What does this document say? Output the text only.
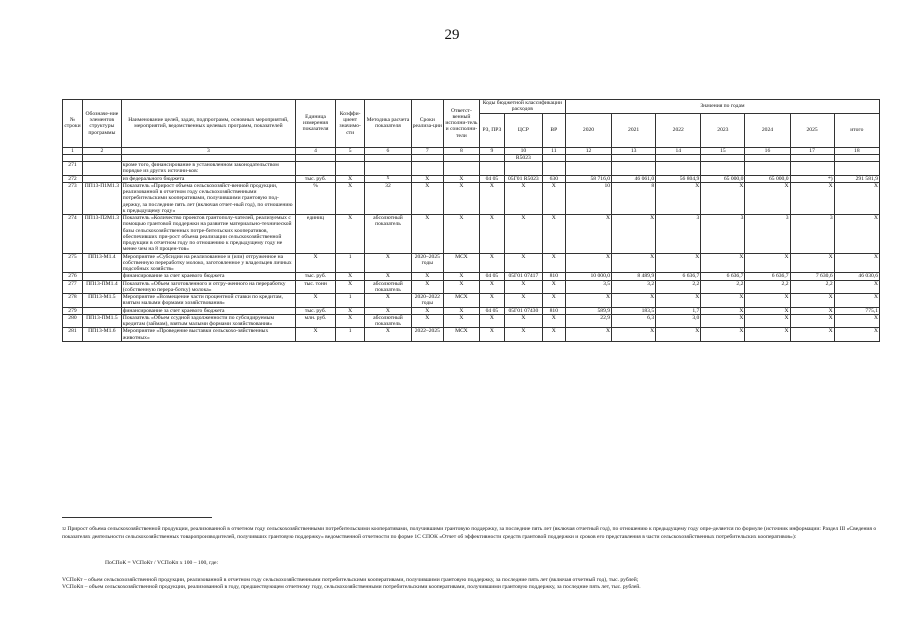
29
№ строки	Обозначе-ние элементов структуры программы	Наименование целей, задач, подпрограмм, основных мероприятий, мероприятий, ведомственных целевых программ, показателей	Единица измерения показателя	Коэффи-циент значимо-сти	Методика расчета показателя	Сроки реализа-ции	Ответст-венный исполни-тель и соисполни-тели	Коды бюджетной классификации расходов			Значения по годам						
								РЗ, ПРЗ	ЦСР	ВР	2020	2021	2022	2023	2024	2025	итого
1	2	3	4	5	6	7	8	9	10	11	12	13	14	15	16	17	18
									R5023								
271		кроме того, финансирование в установленном законодательством порядке из других источни-ков:															
272		из федерального бюджета	тыс. руб.	X	X	X	X	04 05	05Г01 R5023	630	58 716,0	46 061,0	56 804,9	65 000,0	65 000,0	*)	291 581,9
273	ПП13-П1М1.3	Показатель «Прирост объема сельскохозяйст-венной продукции, реализованной в отчетном году сельскохозяйственными потребительскими кооперативами, получившими грантовую под-держку, за последние пять лет (включая отчет-ный год), по отношению к предыдущему году»	%	X	32	X	X	X	X	X	10	8	X	X	X	X	X
274	ПП13-П2М1.3	Показатель «Количество проектов грантополу-чателей, реализуемых с помощью грантовой поддержки на развитие материально-технической базы сельскохозяйственных потре-бительских кооперативов, обеспечивших при-рост объема реализации сельскохозяйственной продукции в отчетном году по отношению к предыдущему году не менее чем на 8 процен-тов»	единиц	X	абсолютный показатель	X	X	X	X	X	X	X	3	3	3	3	X
275	ПП13-М1.4	Мероприятие «Субсидии на реализованное и (или) отгруженное на собственную переработку молоко, заготовленное у владельцев личных подсобных хозяйств»	X	1	X	2020–2025 годы	МСХ	X	X	X	X	X	X	X	X	X	X
276		финансирование за счет краевого бюджета	тыс. руб.	X	X	X	X	04 05	05Г01 07417	810	10 000,0	8 489,9	6 636,7	6 636,7	6 636,7	7 630,6	46 030,6
277	ПП13-ПМ1.4	Показатель «Объем заготовленного и отгру-женного на переработку (собственную перера-ботку) молока»	тыс. тонн	X	абсолютный показатель	X	X	X	X	X	3,5	3,2	2,2	2,2	2,2	2,2	X
278	ПП13-М1.5	Мероприятие «Возмещение части процентной ставки по кредитам, взятым малыми формами хозяйствования»	X	1	X	2020–2022 годы	МСХ	X	X	X	X	X	X	X	X	X	X
279		финансирование за счет краевого бюджета	тыс. руб.	X	X	X	X	04 05	05Г01 07430	810	589,9	183,5	1,7	X	X	X	775,1
280	ПП13-ПМ1.5	Показатель «Объем ссудной задолженности по субсидируемым кредитам (займам), взятым малыми формами хозяйствования»	млн. руб.	X	абсолютный показатель	X	X	X	X	X	22,9	6,3	3,0	X	X	X	X
281	ПП13-М1.6	Мероприятие «Проведение выставки сельскохо-зяйственных животных»	X	1	X	2022–2025	МСХ	X	X	X	X	X	X	X	X	X	X
$^{32}$ Прирост объема сельскохозяйственной продукции, реализованной в отчетном году сельскохозяйственными потребительскими кооперативами, получившими грантовую поддержку, за последние пять лет (включая отчетный год), по отношению к предыдущему году опре-деляется по формуле (источник информации: Раздел III «Сведения о показателях деятельности сельскохозяйственных товаропроизводителей, получивших грантовую поддержку» ведомственной отчетности по форме 1С СПОК «Отчет об эффективности средств грантовой поддержки и сроков его представления в части сельскохозяйственных потребительских кооперативов»):
ПоСПоК = VСПоКт / VСПоКп x 100 – 100, где:
VСПоКт – объем сельскохозяйственной продукции, реализованной в отчетном году сельскохозяйственными потребительскими кооперативами, получившими грантовую поддержку, за последние пять лет (включая отчетный год), тыс. рублей;
VСПоКп – объем сельскохозяйственной продукции, реализованной в году, предшествующем отчетному году, сельскохозяйственными потребительскими кооперативами, получившими грантовую поддержку, за последние пять лет, тыс. рублей.
